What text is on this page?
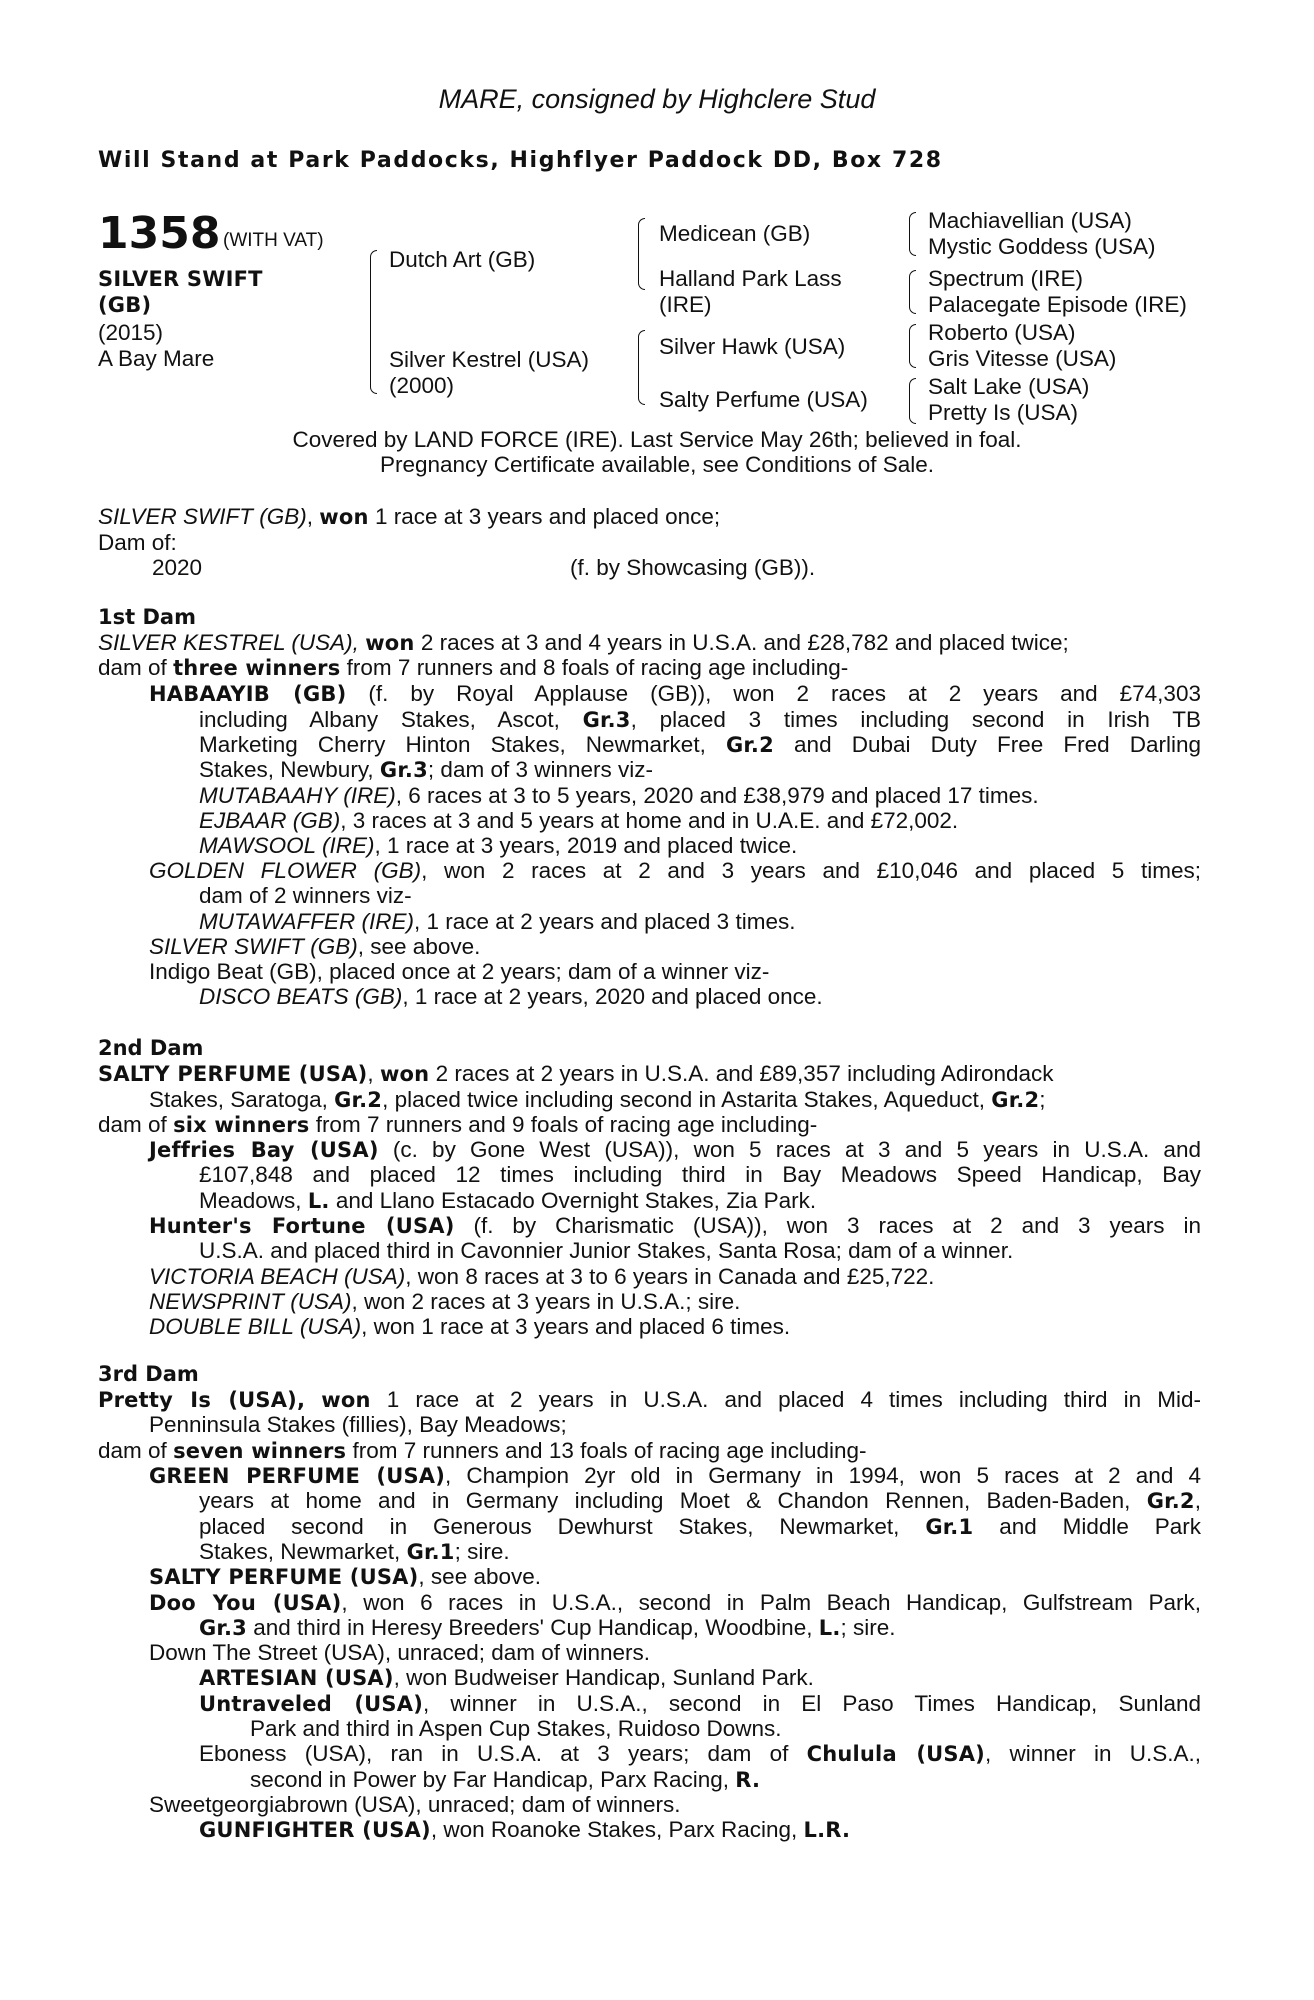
MARE, consigned by Highclere Stud
Will Stand at Park Paddocks, Highflyer Paddock DD, Box 728
1358 (WITH VAT)
SILVER SWIFT
(GB)
(2015)
A Bay Mare
Dutch Art (GB)
Silver Kestrel (USA)
(2000)
Medicean (GB)
Halland Park Lass
(IRE)
Silver Hawk (USA)
Salty Perfume (USA)
Machiavellian (USA)
Mystic Goddess (USA)
Spectrum (IRE)
Palacegate Episode (IRE)
Roberto (USA)
Gris Vitesse (USA)
Salt Lake (USA)
Pretty Is (USA)
Covered by LAND FORCE (IRE). Last Service May 26th; believed in foal.
Pregnancy Certificate available, see Conditions of Sale.
SILVER SWIFT (GB), won 1 race at 3 years and placed once;
Dam of:
2020	(f. by Showcasing (GB)).
1st Dam
SILVER KESTREL (USA), won 2 races at 3 and 4 years in U.S.A. and £28,782 and placed twice;
dam of three winners from 7 runners and 8 foals of racing age including-
HABAAYIB (GB) (f. by Royal Applause (GB)), won 2 races at 2 years and £74,303
including Albany Stakes, Ascot, Gr.3, placed 3 times including second in Irish TB
Marketing Cherry Hinton Stakes, Newmarket, Gr.2 and Dubai Duty Free Fred Darling
Stakes, Newbury, Gr.3; dam of 3 winners viz-
MUTABAAHY (IRE), 6 races at 3 to 5 years, 2020 and £38,979 and placed 17 times.
EJBAAR (GB), 3 races at 3 and 5 years at home and in U.A.E. and £72,002.
MAWSOOL (IRE), 1 race at 3 years, 2019 and placed twice.
GOLDEN FLOWER (GB), won 2 races at 2 and 3 years and £10,046 and placed 5 times;
dam of 2 winners viz-
MUTAWAFFER (IRE), 1 race at 2 years and placed 3 times.
SILVER SWIFT (GB), see above.
Indigo Beat (GB), placed once at 2 years; dam of a winner viz-
DISCO BEATS (GB), 1 race at 2 years, 2020 and placed once.
2nd Dam
SALTY PERFUME (USA), won 2 races at 2 years in U.S.A. and £89,357 including Adirondack
Stakes, Saratoga, Gr.2, placed twice including second in Astarita Stakes, Aqueduct, Gr.2;
dam of six winners from 7 runners and 9 foals of racing age including-
Jeffries Bay (USA) (c. by Gone West (USA)), won 5 races at 3 and 5 years in U.S.A. and
£107,848 and placed 12 times including third in Bay Meadows Speed Handicap, Bay
Meadows, L. and Llano Estacado Overnight Stakes, Zia Park.
Hunter's Fortune (USA) (f. by Charismatic (USA)), won 3 races at 2 and 3 years in
U.S.A. and placed third in Cavonnier Junior Stakes, Santa Rosa; dam of a winner.
VICTORIA BEACH (USA), won 8 races at 3 to 6 years in Canada and £25,722.
NEWSPRINT (USA), won 2 races at 3 years in U.S.A.; sire.
DOUBLE BILL (USA), won 1 race at 3 years and placed 6 times.
3rd Dam
Pretty Is (USA), won 1 race at 2 years in U.S.A. and placed 4 times including third in Mid-
Penninsula Stakes (fillies), Bay Meadows;
dam of seven winners from 7 runners and 13 foals of racing age including-
GREEN PERFUME (USA), Champion 2yr old in Germany in 1994, won 5 races at 2 and 4
years at home and in Germany including Moet & Chandon Rennen, Baden-Baden, Gr.2,
placed second in Generous Dewhurst Stakes, Newmarket, Gr.1 and Middle Park
Stakes, Newmarket, Gr.1; sire.
SALTY PERFUME (USA), see above.
Doo You (USA), won 6 races in U.S.A., second in Palm Beach Handicap, Gulfstream Park,
Gr.3 and third in Heresy Breeders' Cup Handicap, Woodbine, L.; sire.
Down The Street (USA), unraced; dam of winners.
ARTESIAN (USA), won Budweiser Handicap, Sunland Park.
Untraveled (USA), winner in U.S.A., second in El Paso Times Handicap, Sunland
Park and third in Aspen Cup Stakes, Ruidoso Downs.
Eboness (USA), ran in U.S.A. at 3 years; dam of Chulula (USA), winner in U.S.A.,
second in Power by Far Handicap, Parx Racing, R.
Sweetgeorgiabrown (USA), unraced; dam of winners.
GUNFIGHTER (USA), won Roanoke Stakes, Parx Racing, L.R.
